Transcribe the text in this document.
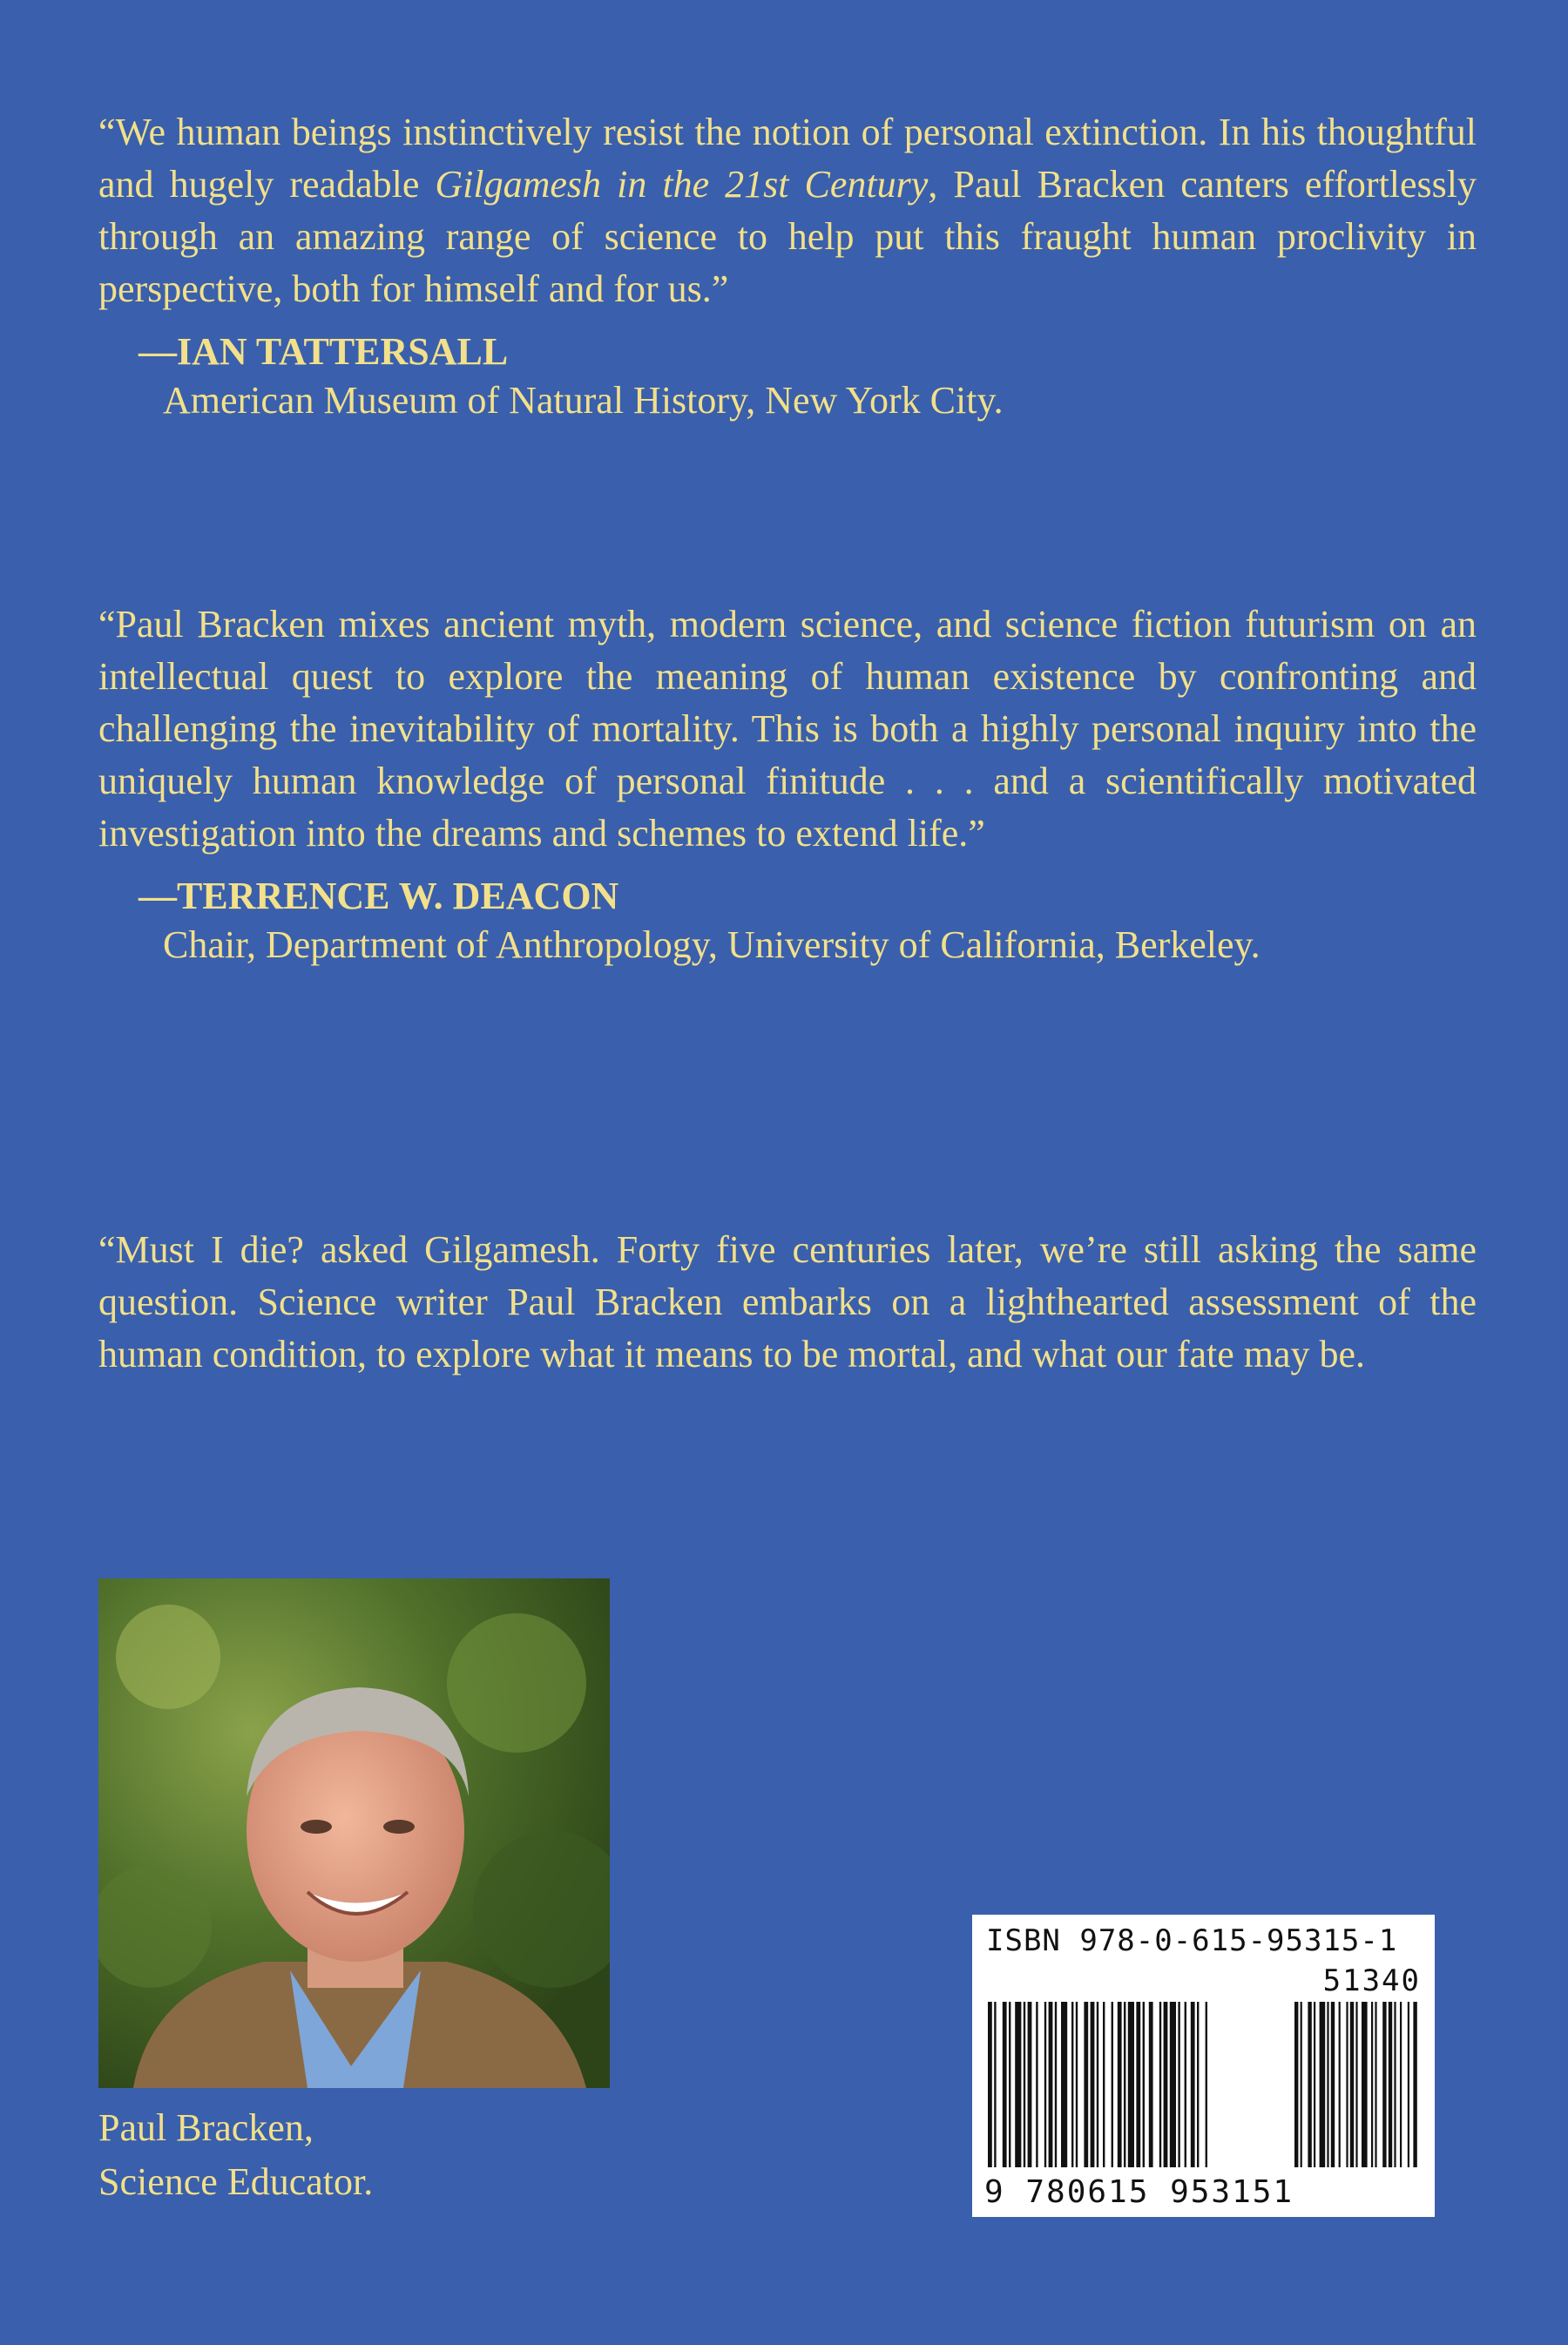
“We human beings instinctively resist the notion of personal extinction. In his thoughtful and hugely readable Gilgamesh in the 21st Century, Paul Bracken canters effortlessly through an amazing range of science to help put this fraught human proclivity in perspective, both for himself and for us.”

—IAN TATTERSALL
American Museum of Natural History, New York City.

“Paul Bracken mixes ancient myth, modern science, and science fiction futurism on an intellectual quest to explore the meaning of human existence by confronting and challenging the inevitability of mortality. This is both a highly personal inquiry into the uniquely human knowledge of personal finitude . . . and a scientifically motivated investigation into the dreams and schemes to extend life.”

—TERRENCE W. DEACON
Chair, Department of Anthropology, University of California, Berkeley.

“Must I die? asked Gilgamesh. Forty five centuries later, we’re still asking the same question. Science writer Paul Bracken embarks on a lighthearted assessment of the human condition, to explore what it means to be mortal, and what our fate may be.

Paul Bracken,
Science Educator.
ISBN 978-0-615-95315-1
51340
9 780615 953151
